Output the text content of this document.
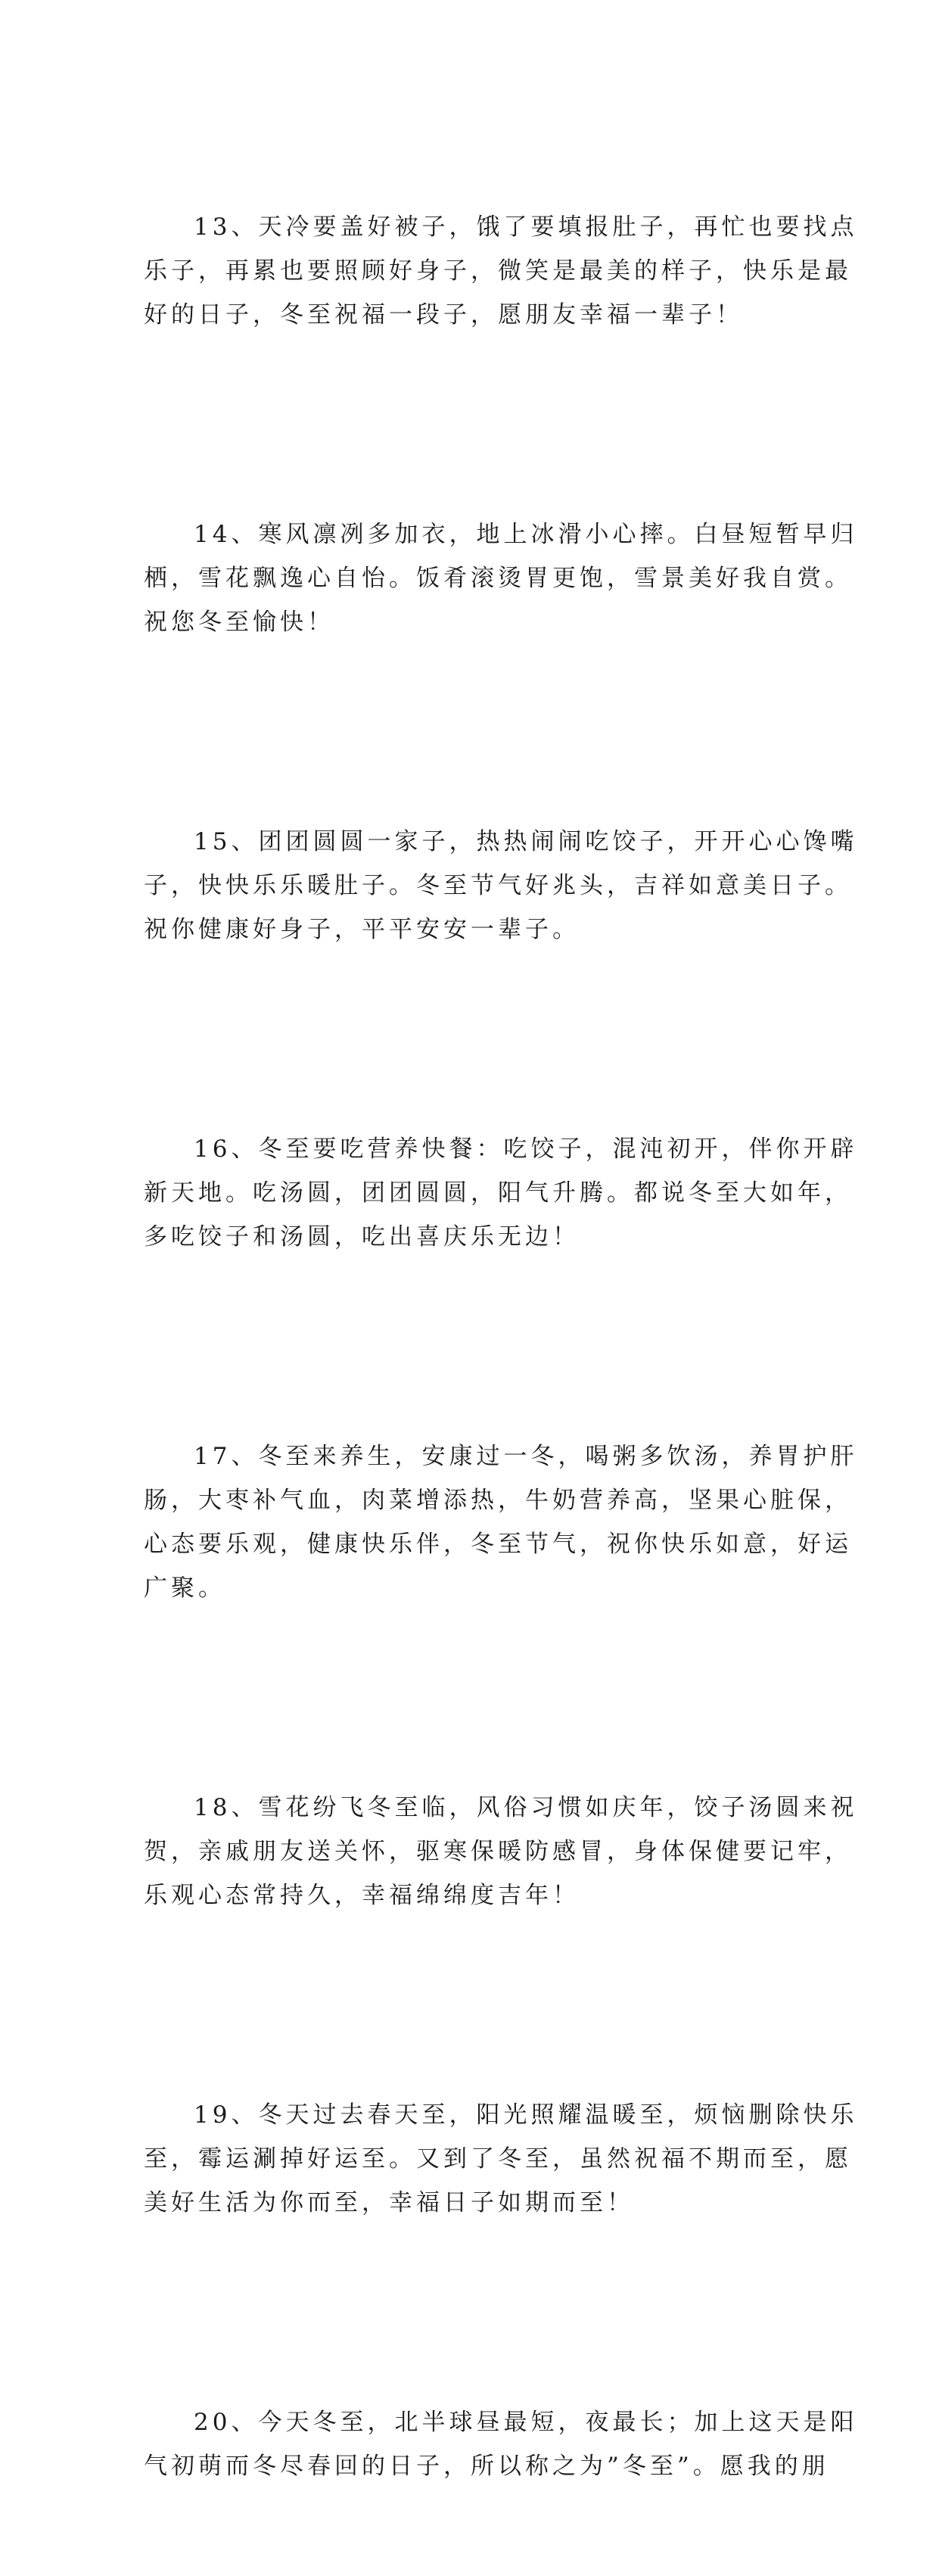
13、天冷要盖好被子，饿了要填报肚子，再忙也要找点
乐子，再累也要照顾好身子，微笑是最美的样子，快乐是最
好的日子，冬至祝福一段子，愿朋友幸福一辈子！

14、寒风凛冽多加衣，地上冰滑小心摔。白昼短暂早归
栖，雪花飘逸心自怡。饭肴滚烫胃更饱，雪景美好我自赏。
祝您冬至愉快！

15、团团圆圆一家子，热热闹闹吃饺子，开开心心馋嘴
子，快快乐乐暖肚子。冬至节气好兆头，吉祥如意美日子。
祝你健康好身子，平平安安一辈子。

16、冬至要吃营养快餐：吃饺子，混沌初开，伴你开辟
新天地。吃汤圆，团团圆圆，阳气升腾。都说冬至大如年，
多吃饺子和汤圆，吃出喜庆乐无边！

17、冬至来养生，安康过一冬，喝粥多饮汤，养胃护肝
肠，大枣补气血，肉菜增添热，牛奶营养高，坚果心脏保，
心态要乐观，健康快乐伴，冬至节气，祝你快乐如意，好运
广聚。

18、雪花纷飞冬至临，风俗习惯如庆年，饺子汤圆来祝
贺，亲戚朋友送关怀，驱寒保暖防感冒，身体保健要记牢，
乐观心态常持久，幸福绵绵度吉年！

19、冬天过去春天至，阳光照耀温暖至，烦恼删除快乐
至，霉运涮掉好运至。又到了冬至，虽然祝福不期而至，愿
美好生活为你而至，幸福日子如期而至！

20、今天冬至，北半球昼最短，夜最长；加上这天是阳
气初萌而冬尽春回的日子，所以称之为”冬至”。愿我的朋
